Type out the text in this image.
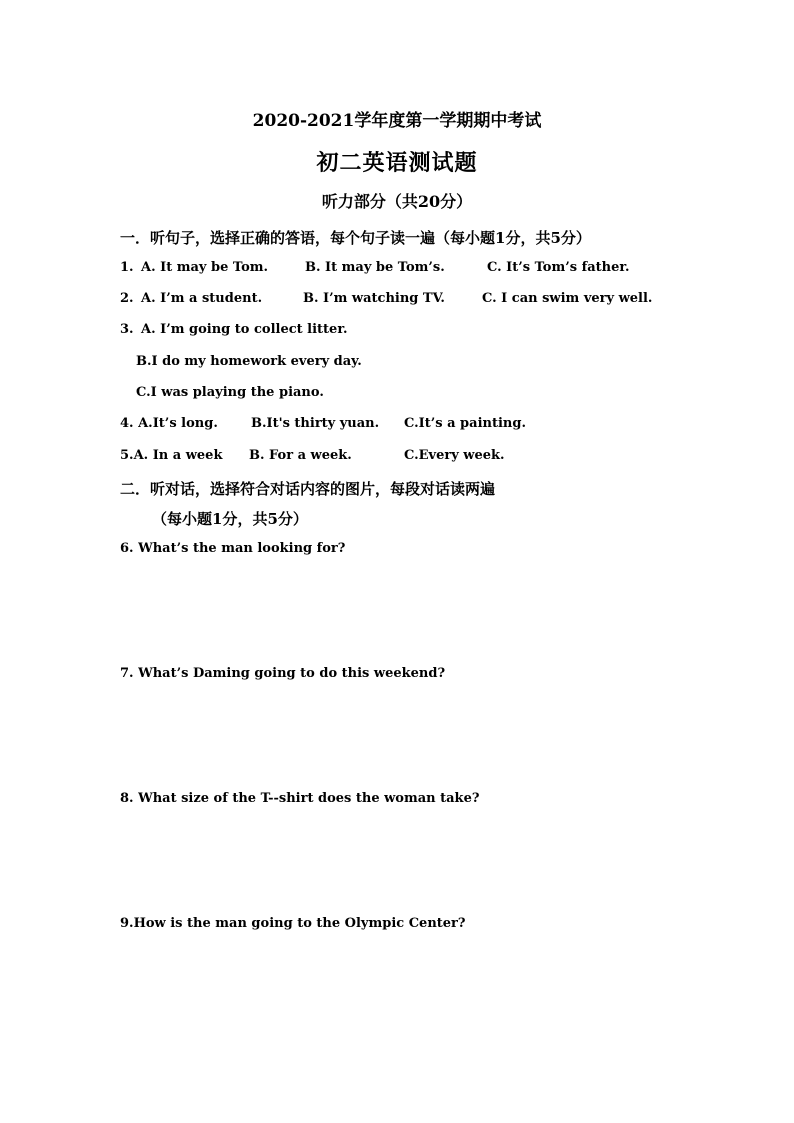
2020-2021学年度第一学期期中考试
初二英语测试题
听力部分（共20分）
一．听句子，选择正确的答语，每个句子读一遍（每小题1分，共5分）
1. A. It may be Tom.	B. It may be Tom’s.	C. It’s Tom’s father.
2. A. I’m a student.	B. I’m watching TV.	C. I can swim very well.
3. A. I’m going to collect litter.
B.I do my homework every day.
C.I was playing the piano.
4. A.It’s long.	B.It's thirty yuan. C.It’s a painting.
5.A. In a week B. For a week.	C.Every week.
二．听对话，选择符合对话内容的图片，每段对话读两遍
（每小题1分，共5分）
6. What’s the man looking for?
7. What’s Daming going to do this weekend?
8. What size of the T--shirt does the woman take?
9.How is the man going to the Olympic Center?
